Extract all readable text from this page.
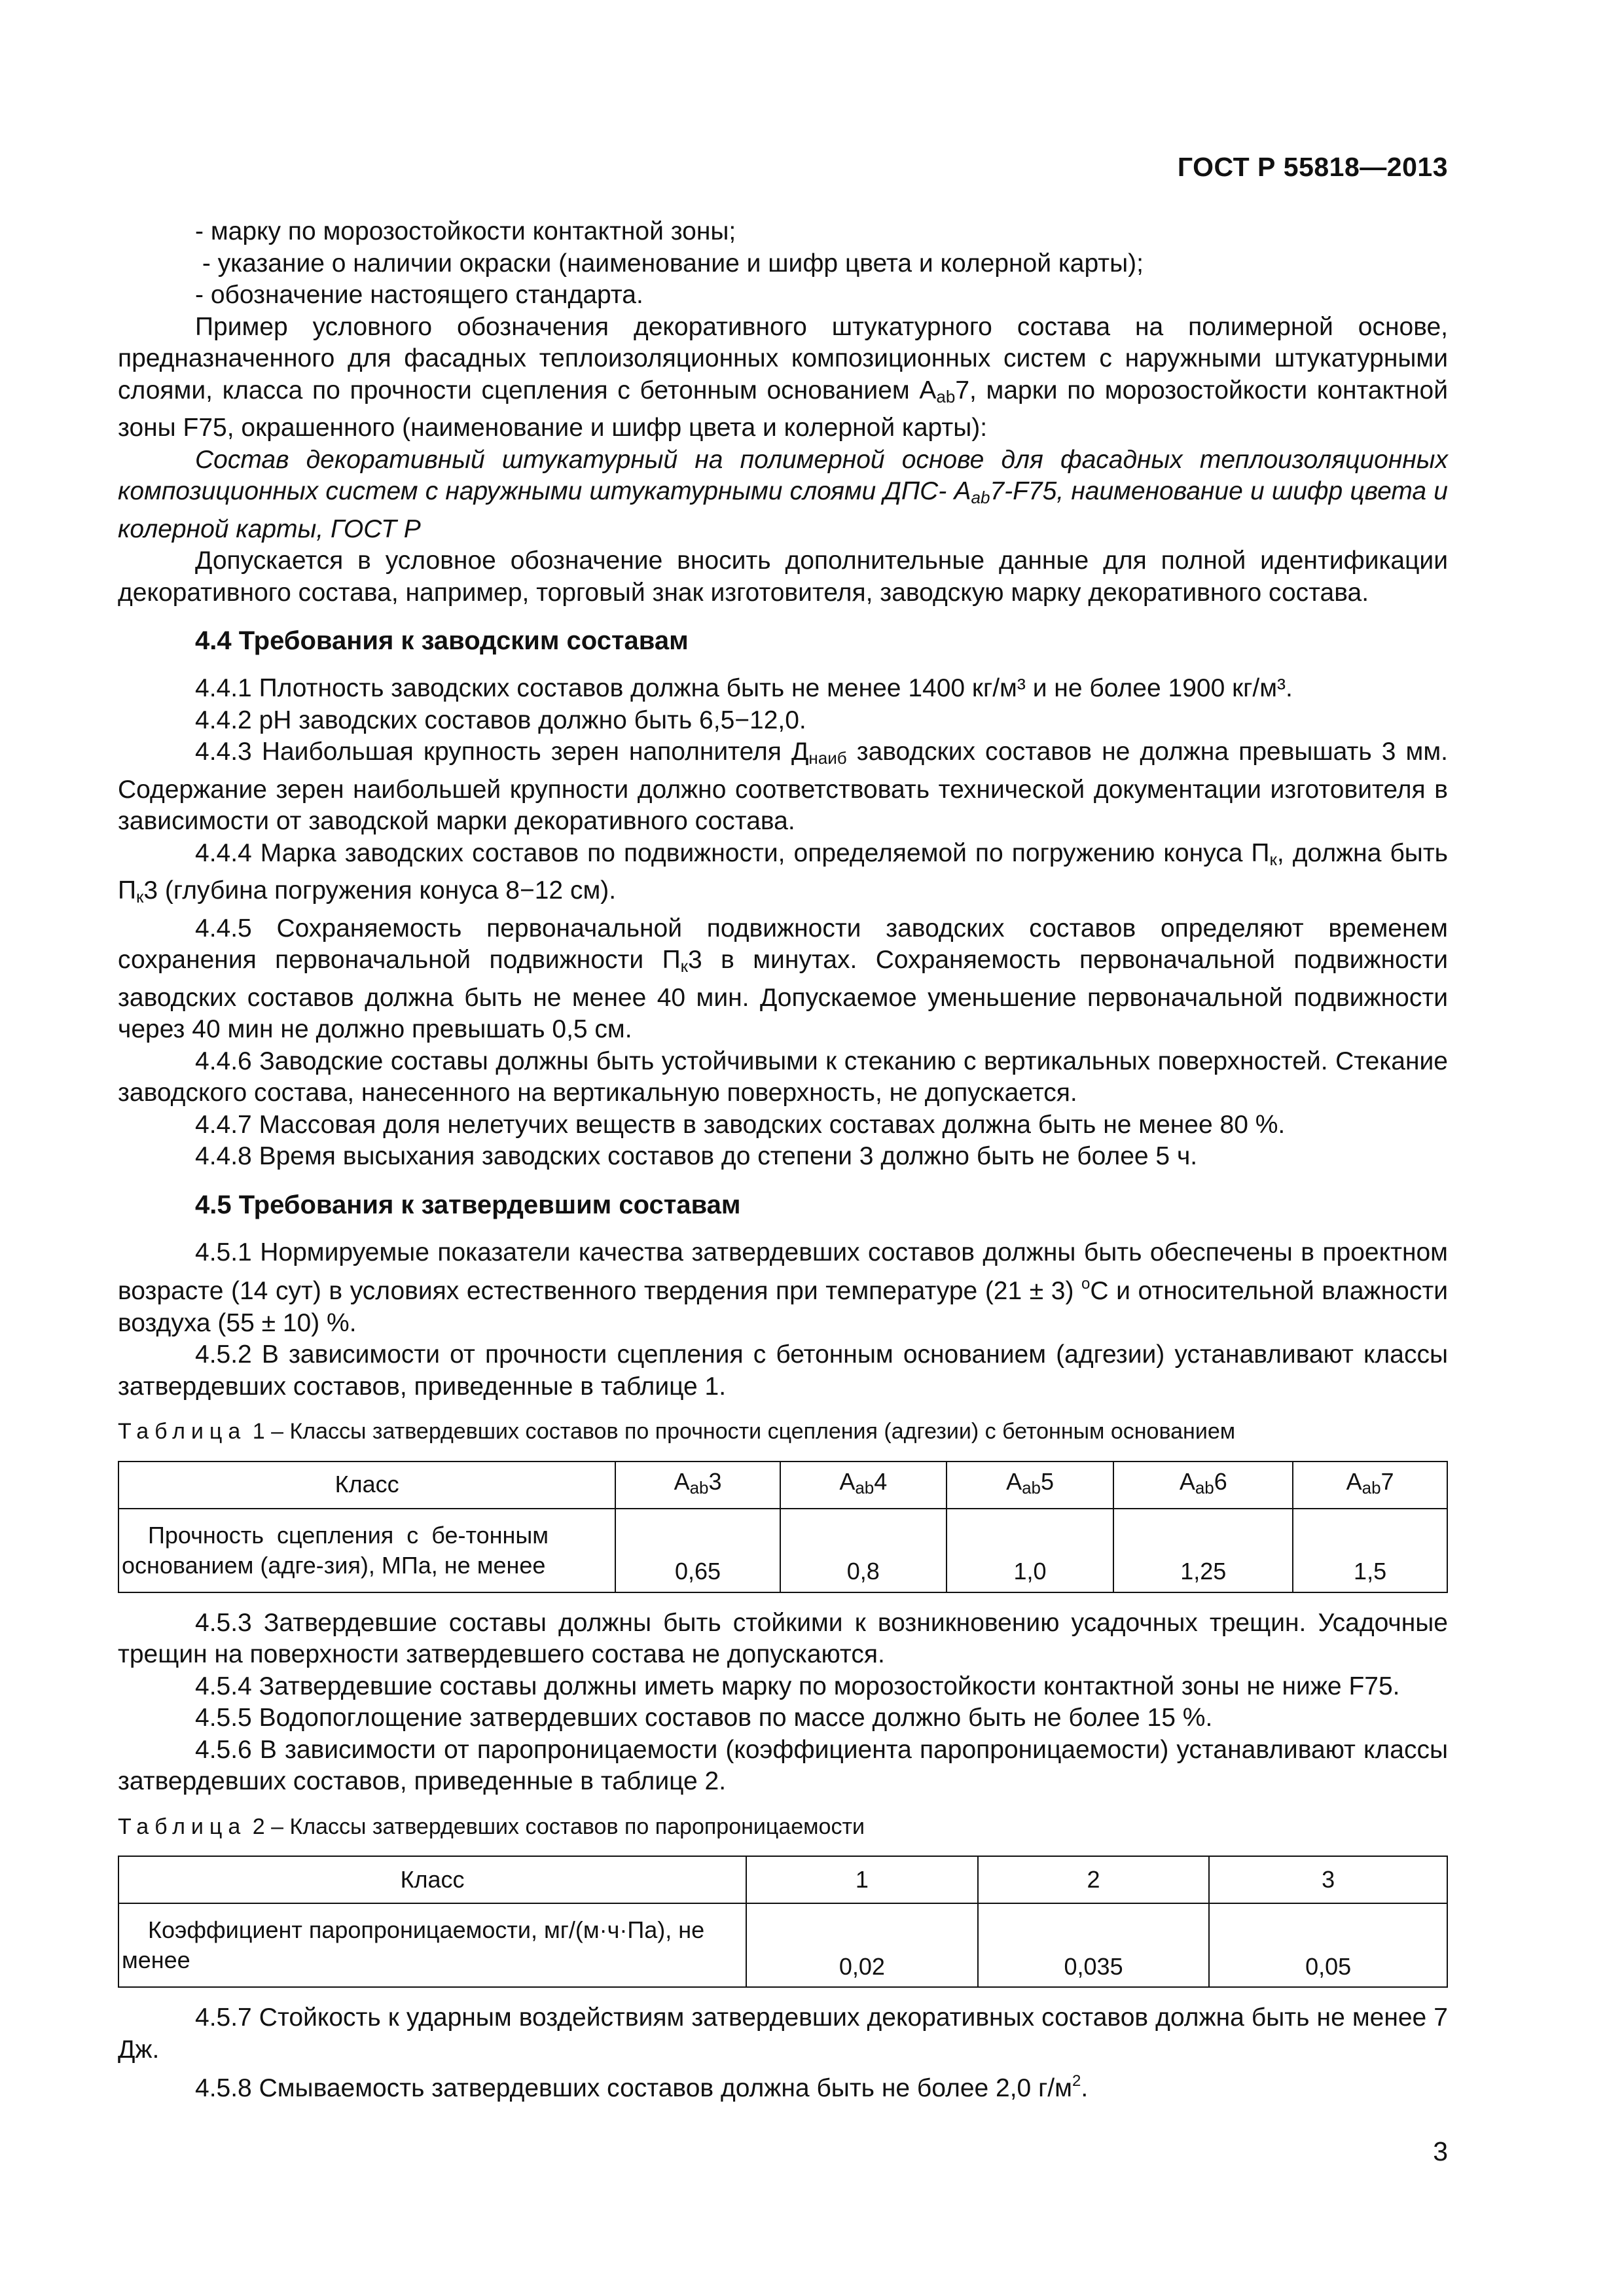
ГОСТ Р 55818—2013

- марку по морозостойкости контактной зоны;

- указание о наличии окраски (наименование и шифр цвета и колерной карты);

- обозначение настоящего стандарта.

Пример условного обозначения декоративного штукатурного состава на полимерной основе, предназначенного для фасадных теплоизоляционных композиционных систем с наружными штукатурными слоями, класса по прочности сцепления с бетонным основанием $А_{ab}7$, марки по морозостойкости контактной зоны F75, окрашенного (наименование и шифр цвета и колерной карты):

Состав декоративный штукатурный на полимерной основе для фасадных теплоизоляционных композиционных систем с наружными штукатурными слоями ДПС- $А_{ab}7-F75$, наименование и шифр цвета и колерной карты, ГОСТ Р

Допускается в условное обозначение вносить дополнительные данные для полной идентификации декоративного состава, например, торговый знак изготовителя, заводскую марку декоративного состава.

4.4 Требования к заводским составам

4.4.1 Плотность заводских составов должна быть не менее 1400 кг/м³ и не более 1900 кг/м³.

4.4.2 рН заводских составов должно быть 6,5−12,0.

4.4.3 Наибольшая крупность зерен наполнителя $Д_{наиб}$ заводских составов не должна превышать 3 мм. Содержание зерен наибольшей крупности должно соответствовать технической документации изготовителя в зависимости от заводской марки декоративного состава.

4.4.4 Марка заводских составов по подвижности, определяемой по погружению конуса $П_к$, должна быть $П_к3$ (глубина погружения конуса 8−12 см).

4.4.5 Сохраняемость первоначальной подвижности заводских составов определяют временем сохранения первоначальной подвижности $П_к3$ в минутах. Сохраняемость первоначальной подвижности заводских составов должна быть не менее 40 мин. Допускаемое уменьшение первоначальной подвижности через 40 мин не должно превышать 0,5 см.

4.4.6 Заводские составы должны быть устойчивыми к стеканию с вертикальных поверхностей. Стекание заводского состава, нанесенного на вертикальную поверхность, не допускается.

4.4.7 Массовая доля нелетучих веществ в заводских составах должна быть не менее 80 %.

4.4.8 Время высыхания заводских составов до степени 3 должно быть не более 5 ч.

4.5 Требования к затвердевшим составам

4.5.1 Нормируемые показатели качества затвердевших составов должны быть обеспечены в проектном возрасте (14 сут) в условиях естественного твердения при температуре (21 ± 3) $^o$С и относительной влажности воздуха (55 ± 10) %.

4.5.2 В зависимости от прочности сцепления с бетонным основанием (адгезии) устанавливают классы затвердевших составов, приведенные в таблице 1.

Таблица 1 – Классы затвердевших составов по прочности сцепления (адгезии) с бетонным основанием

Класс	$А_{ab}3$	$А_{ab}4$	$А_{ab}5$	$А_{ab}6$	$А_{ab}7$
Прочность  сцепления  с  бе-тонным основанием (адге-зия), МПа, не менее	0,65	0,8	1,0	1,25	1,5

4.5.3 Затвердевшие составы должны быть стойкими к возникновению усадочных трещин. Усадочные трещин на поверхности затвердевшего состава не допускаются.

4.5.4 Затвердевшие составы должны иметь марку по морозостойкости контактной зоны не ниже F75.

4.5.5 Водопоглощение затвердевших составов по массе должно быть не более 15 %.

4.5.6 В зависимости от паропроницаемости (коэффициента паропроницаемости) устанавливают классы затвердевших составов, приведенные в таблице 2.

Таблица 2 – Классы затвердевших составов по паропроницаемости

Класс	1	2	3
Коэффициент паропроницаемости, мг/(м·ч·Па), не менее	0,02	0,035	0,05

4.5.7 Стойкость к ударным воздействиям затвердевших декоративных составов должна быть не менее 7 Дж.

4.5.8 Смываемость затвердевших составов должна быть не более 2,0 $г/м^2$.

3
